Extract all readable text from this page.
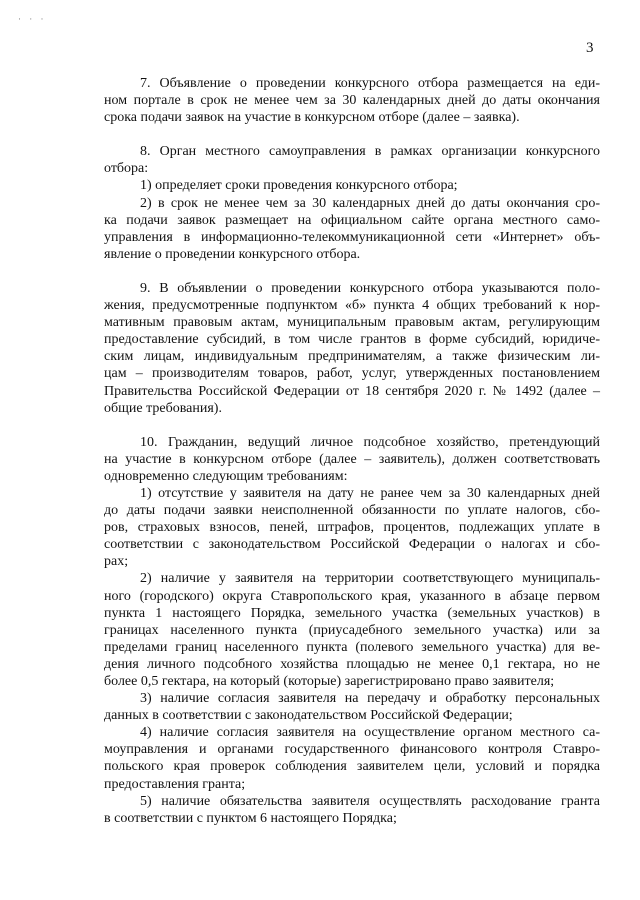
· · ·
3
7. Объявление о проведении конкурсного отбора размещается на еди-
ном портале в срок не менее чем за 30 календарных дней до даты окончания
срока подачи заявок на участие в конкурсном отборе (далее – заявка).
8. Орган местного самоуправления в рамках организации конкурсного
отбора:
1) определяет сроки проведения конкурсного отбора;
2) в срок не менее чем за 30 календарных дней до даты окончания сро-
ка подачи заявок размещает на официальном сайте органа местного само-
управления в информационно-телекоммуникационной сети «Интернет» объ-
явление о проведении конкурсного отбора.
9. В объявлении о проведении конкурсного отбора указываются поло-
жения, предусмотренные подпунктом «б» пункта 4 общих требований к нор-
мативным правовым актам, муниципальным правовым актам, регулирующим
предоставление субсидий, в том числе грантов в форме субсидий, юридиче-
ским лицам, индивидуальным предпринимателям, а также физическим ли-
цам – производителям товаров, работ, услуг, утвержденных постановлением
Правительства Российской Федерации от 18 сентября 2020 г. № 1492 (далее –
общие требования).
10. Гражданин, ведущий личное подсобное хозяйство, претендующий
на участие в конкурсном отборе (далее – заявитель), должен соответствовать
одновременно следующим требованиям:
1) отсутствие у заявителя на дату не ранее чем за 30 календарных дней
до даты подачи заявки неисполненной обязанности по уплате налогов, сбо-
ров, страховых взносов, пеней, штрафов, процентов, подлежащих уплате в
соответствии с законодательством Российской Федерации о налогах и сбо-
рах;
2) наличие у заявителя на территории соответствующего муниципаль-
ного (городского) округа Ставропольского края, указанного в абзаце первом
пункта 1 настоящего Порядка, земельного участка (земельных участков) в
границах населенного пункта (приусадебного земельного участка) или за
пределами границ населенного пункта (полевого земельного участка) для ве-
дения личного подсобного хозяйства площадью не менее 0,1 гектара, но не
более 0,5 гектара, на который (которые) зарегистрировано право заявителя;
3) наличие согласия заявителя на передачу и обработку персональных
данных в соответствии с законодательством Российской Федерации;
4) наличие согласия заявителя на осуществление органом местного са-
моуправления и органами государственного финансового контроля Ставро-
польского края проверок соблюдения заявителем цели, условий и порядка
предоставления гранта;
5) наличие обязательства заявителя осуществлять расходование гранта
в соответствии с пунктом 6 настоящего Порядка;
